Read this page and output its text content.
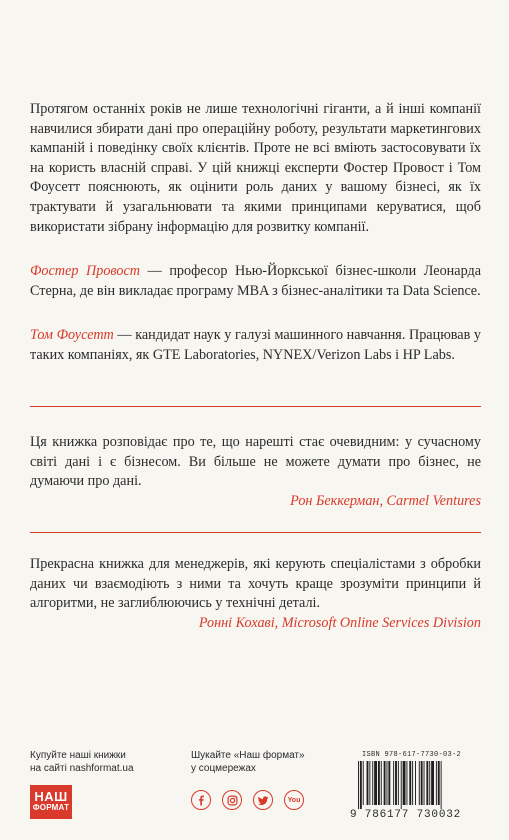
Протягом останніх років не лише технологічні гіганти, а й інші компанії навчилися збирати дані про операційну роботу, результати маркетингових кампаній і поведінку своїх клієнтів. Проте не всі вміють застосовувати їх на користь власній справі. У цій книжці експерти Фостер Провост і Том Фоусетт пояснюють, як оцінити роль даних у вашому бізнесі, як їх трактувати й узагальнювати та якими принципами керуватися, щоб використати зібрану інформацію для розвитку компанії.
Фостер Провост — професор Нью-Йоркської бізнес-школи Леонарда Стерна, де він викладає програму MBA з бізнес-аналітики та Data Science.
Том Фоусетт — кандидат наук у галузі машинного навчання. Працював у таких компаніях, як GTE Laboratories, NYNEX/Verizon Labs і HP Labs.
Ця книжка розповідає про те, що нарешті стає очевидним: у сучасному світі дані і є бізнесом. Ви більше не можете думати про бізнес, не думаючи про дані.
Рон Беккерман, Carmel Ventures
Прекрасна книжка для менеджерів, які керують спеціалістами з обробки даних чи взаємодіють з ними та хочуть краще зрозуміти принципи й алгоритми, не заглиблюючись у технічні деталі.
Ронні Кохаві, Microsoft Online Services Division
Купуйте наші книжки
на сайті nashformat.ua
НАШ
ФОРМАТ
Шукайте «Наш формат»
у соцмережах
You
ISBN 978-617-7730-03-2
9 786177 730032
